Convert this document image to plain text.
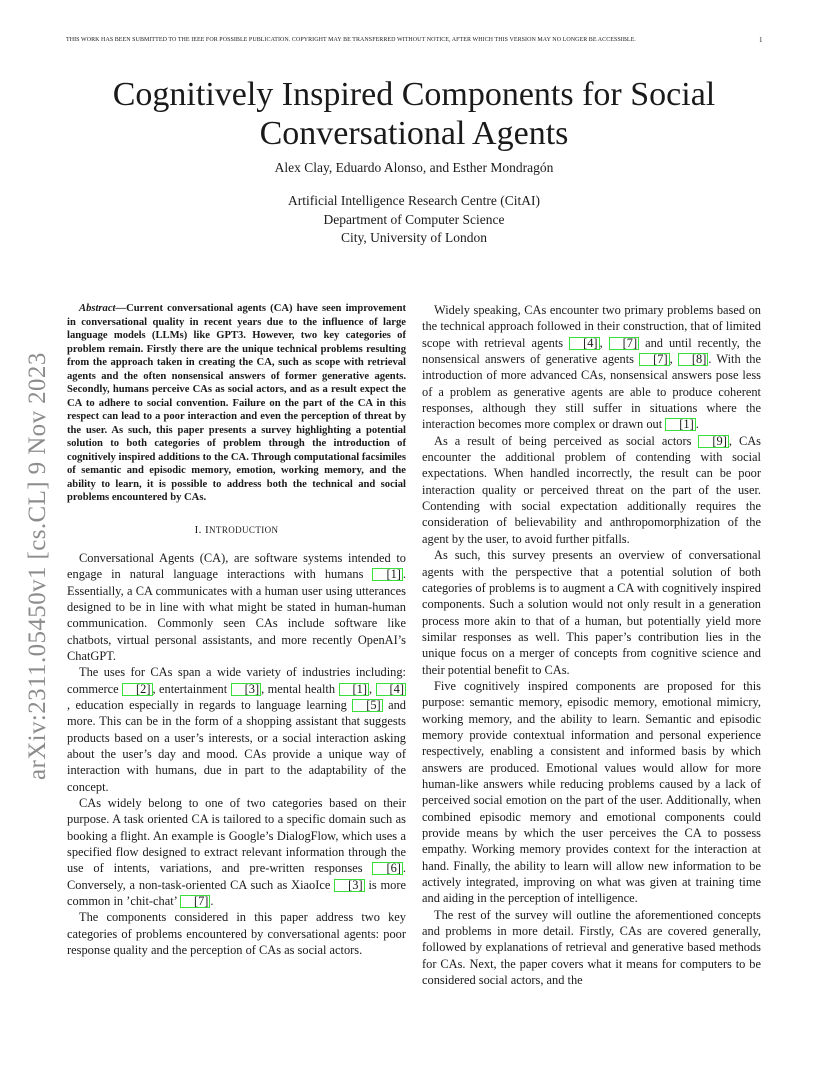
THIS WORK HAS BEEN SUBMITTED TO THE IEEE FOR POSSIBLE PUBLICATION. COPYRIGHT MAY BE TRANSFERRED WITHOUT NOTICE, AFTER WHICH THIS VERSION MAY NO LONGER BE ACCESSIBLE.	1
arXiv:2311.05450v1 [cs.CL] 9 Nov 2023
Cognitively Inspired Components for Social Conversational Agents
Alex Clay, Eduardo Alonso, and Esther Mondragón
Artificial Intelligence Research Centre (CitAI)
Department of Computer Science
City, University of London

Abstract—Current conversational agents (CA) have seen improvement in conversational quality in recent years due to the influence of large language models (LLMs) like GPT3. However, two key categories of problem remain. Firstly there are the unique technical problems resulting from the approach taken in creating the CA, such as scope with retrieval agents and the often nonsensical answers of former generative agents. Secondly, humans perceive CAs as social actors, and as a result expect the CA to adhere to social convention. Failure on the part of the CA in this respect can lead to a poor interaction and even the perception of threat by the user. As such, this paper presents a survey highlighting a potential solution to both categories of problem through the introduction of cognitively inspired additions to the CA. Through computational facsimiles of semantic and episodic memory, emotion, working memory, and the ability to learn, it is possible to address both the technical and social problems encountered by CAs.

I. INTRODUCTION

Conversational Agents (CA), are software systems intended to engage in natural language interactions with humans [1] . Essentially, a CA communicates with a human user using utterances designed to be in line with what might be stated in human-human communication. Commonly seen CAs include software like chatbots, virtual personal assistants, and more recently OpenAI’s ChatGPT.

The uses for CAs span a wide variety of industries including: commerce [2] , entertainment [3] , mental health [1] , [4], education especially in regards to language learning [5] and more. This can be in the form of a shopping assistant that suggests products based on a user’s interests, or a social interaction asking about the user’s day and mood. CAs provide a unique way of interaction with humans, due in part to the adaptability of the concept.

CAs widely belong to one of two categories based on their purpose. A task oriented CA is tailored to a specific domain such as booking a flight. An example is Google’s DialogFlow, which uses a specified flow designed to extract relevant information through the use of intents, variations, and pre-written responses [6] . Conversely, a non-task-oriented CA such as XiaoIce [3] is more common in ’chit-chat’ [7] .

The components considered in this paper address two key categories of problems encountered by conversational agents: poor response quality and the perception of CAs as social actors.

Widely speaking, CAs encounter two primary problems based on the technical approach followed in their construction, that of limited scope with retrieval agents [4] , [7] and until recently, the nonsensical answers of generative agents [7] , [8] . With the introduction of more advanced CAs, nonsensical answers pose less of a problem as generative agents are able to produce coherent responses, although they still suffer in situations where the interaction becomes more complex or drawn out [1] .

As a result of being perceived as social actors [9] , CAs encounter the additional problem of contending with social expectations. When handled incorrectly, the result can be poor interaction quality or perceived threat on the part of the user. Contending with social expectation additionally requires the consideration of believability and anthropomorphization of the agent by the user, to avoid further pitfalls.

As such, this survey presents an overview of conversational agents with the perspective that a potential solution of both categories of problems is to augment a CA with cognitively inspired components. Such a solution would not only result in a generation process more akin to that of a human, but potentially yield more similar responses as well. This paper’s contribution lies in the unique focus on a merger of concepts from cognitive science and their potential benefit to CAs.

Five cognitively inspired components are proposed for this purpose: semantic memory, episodic memory, emotional mimicry, working memory, and the ability to learn. Semantic and episodic memory provide contextual information and personal experience respectively, enabling a consistent and informed basis by which answers are produced. Emotional values would allow for more human-like answers while reducing problems caused by a lack of perceived social emotion on the part of the user. Additionally, when combined episodic memory and emotional components could provide means by which the user perceives the CA to possess empathy. Working memory provides context for the interaction at hand. Finally, the ability to learn will allow new information to be actively integrated, improving on what was given at training time and aiding in the perception of intelligence.

The rest of the survey will outline the aforementioned concepts and problems in more detail. Firstly, CAs are covered generally, followed by explanations of retrieval and generative based methods for CAs. Next, the paper covers what it means for computers to be considered social actors, and the
